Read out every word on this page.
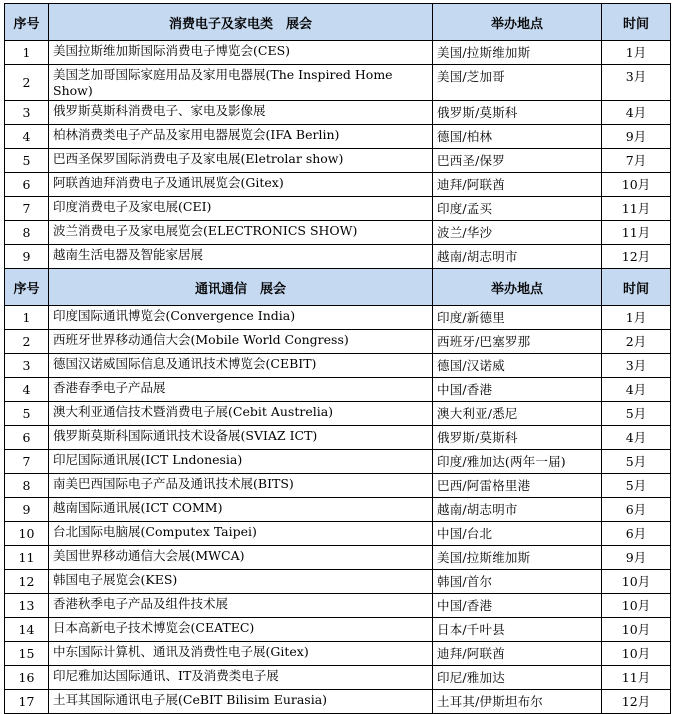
序号	消费电子及家电类　展会	举办地点	时间
1	美国拉斯维加斯国际消费电子博览会(CES)	美国/拉斯维加斯	1月
2	美国芝加哥国际家庭用品及家用电器展(The Inspired Home Show)	美国/芝加哥	3月
3	俄罗斯莫斯科消费电子、家电及影像展	俄罗斯/莫斯科	4月
4	柏林消费类电子产品及家用电器展览会(IFA Berlin)	德国/柏林	9月
5	巴西圣保罗国际消费电子及家电展(Eletrolar show)	巴西圣/保罗	7月
6	阿联酋迪拜消费电子及通讯展览会(Gitex)	迪拜/阿联酋	10月
7	印度消费电子及家电展(CEI)	印度/孟买	11月
8	波兰消费电子及家电展览会(ELECTRONICS SHOW)	波兰/华沙	11月
9	越南生活电器及智能家居展	越南/胡志明市	12月
序号	通讯通信　展会	举办地点	时间
1	印度国际通讯博览会(Convergence India)	印度/新德里	1月
2	西班牙世界移动通信大会(Mobile World Congress)	西班牙/巴塞罗那	2月
3	德国汉诺威国际信息及通讯技术博览会(CEBIT)	德国/汉诺威	3月
4	香港春季电子产品展	中国/香港	4月
5	澳大利亚通信技术暨消费电子展(Cebit Austrelia)	澳大利亚/悉尼	5月
6	俄罗斯莫斯科国际通讯技术设备展(SVIAZ ICT)	俄罗斯/莫斯科	4月
7	印尼国际通讯展(ICT Lndonesia)	印度/雅加达(两年一届)	5月
8	南美巴西国际电子产品及通讯技术展(BITS)	巴西/阿雷格里港	5月
9	越南国际通讯展(ICT COMM)	越南/胡志明市	6月
10	台北国际电脑展(Computex Taipei)	中国/台北	6月
11	美国世界移动通信大会展(MWCA)	美国/拉斯维加斯	9月
12	韩国电子展览会(KES)	韩国/首尔	10月
13	香港秋季电子产品及组件技术展	中国/香港	10月
14	日本高新电子技术博览会(CEATEC)	日本/千叶县	10月
15	中东国际计算机、通讯及消费性电子展(Gitex)	迪拜/阿联酋	10月
16	印尼雅加达国际通讯、IT及消费类电子展	印尼/雅加达	11月
17	土耳其国际通讯电子展(CeBIT Bilisim Eurasia)	土耳其/伊斯坦布尔	12月
